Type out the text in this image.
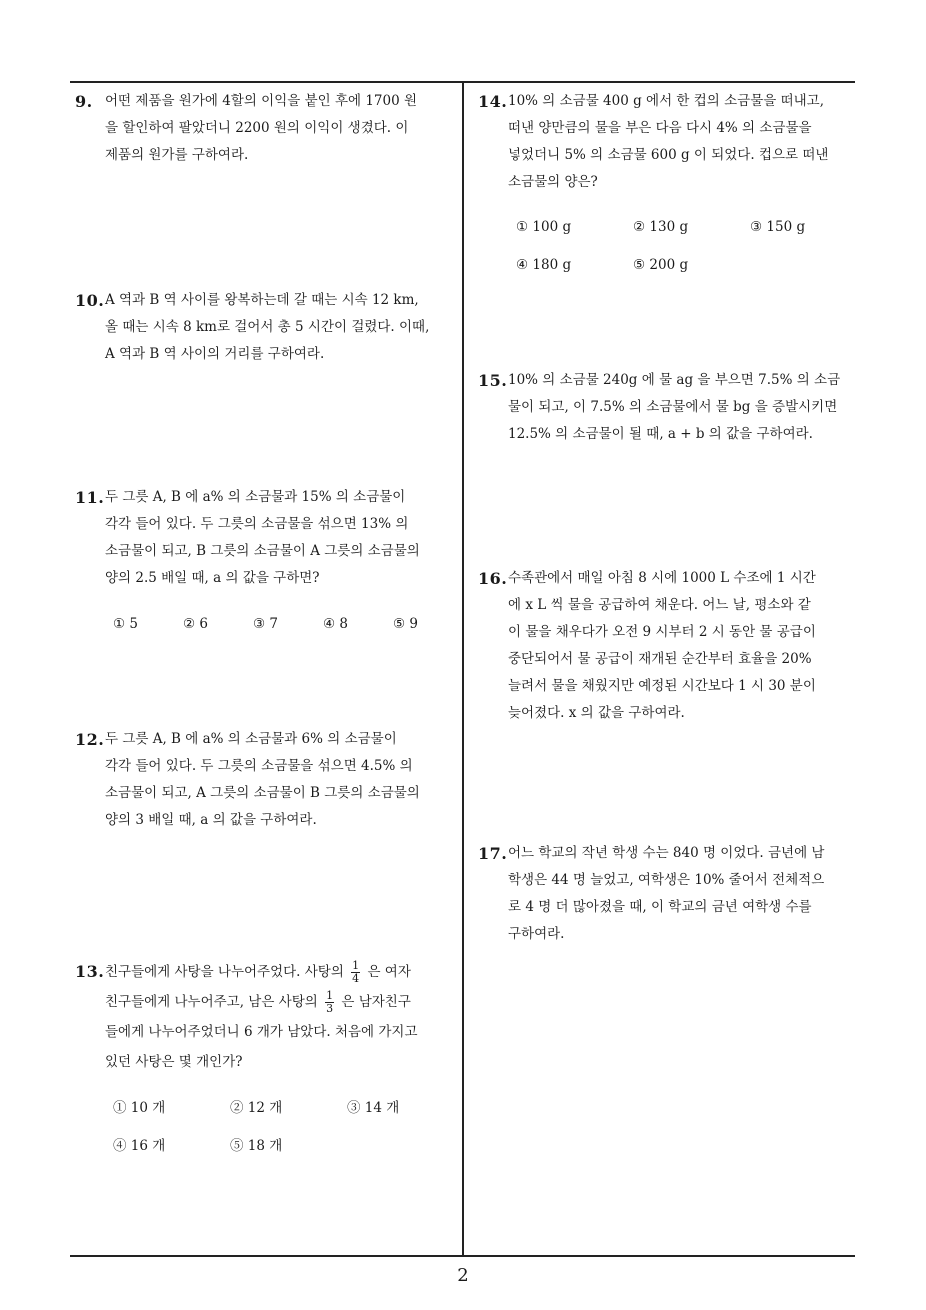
9. 어떤 제품을 원가에 4할의 이익을 붙인 후에 1700 원
을 할인하여 팔았더니 2200 원의 이익이 생겼다. 이
제품의 원가를 구하여라.
10. A 역과 B 역 사이를 왕복하는데 갈 때는 시속 12 km,
올 때는 시속 8 km로 걸어서 총 5 시간이 걸렸다. 이때,
A 역과 B 역 사이의 거리를 구하여라.
11. 두 그릇 A, B 에 a% 의 소금물과 15% 의 소금물이
각각 들어 있다. 두 그릇의 소금물을 섞으면 13% 의
소금물이 되고, B 그릇의 소금물이 A 그릇의 소금물의
양의 2.5 배일 때, a 의 값을 구하면?
① 5	② 6	③ 7	④ 8	⑤ 9
12. 두 그릇 A, B 에 a% 의 소금물과 6% 의 소금물이
각각 들어 있다. 두 그릇의 소금물을 섞으면 4.5% 의
소금물이 되고, A 그릇의 소금물이 B 그릇의 소금물의
양의 3 배일 때, a 의 값을 구하여라.
13. 친구들에게 사탕을 나누어주었다. 사탕의 $\frac{1}{4}$ 은 여자
친구들에게 나누어주고, 남은 사탕의 $\frac{1}{3}$ 은 남자친구
들에게 나누어주었더니 6 개가 남았다. 처음에 가지고
있던 사탕은 몇 개인가?
① 10 개	② 12 개	③ 14 개
④ 16 개	⑤ 18 개
14. 10% 의 소금물 400 g 에서 한 컵의 소금물을 떠내고,
떠낸 양만큼의 물을 부은 다음 다시 4% 의 소금물을
넣었더니 5% 의 소금물 600 g 이 되었다. 컵으로 떠낸
소금물의 양은?
① 100 g	② 130 g	③ 150 g
④ 180 g	⑤ 200 g
15. 10% 의 소금물 240g 에 물 ag 을 부으면 7.5% 의 소금
물이 되고, 이 7.5% 의 소금물에서 물 bg 을 증발시키면
12.5% 의 소금물이 될 때, a + b 의 값을 구하여라.
16. 수족관에서 매일 아침 8 시에 1000 L 수조에 1 시간
에 x L 씩 물을 공급하여 채운다. 어느 날, 평소와 같
이 물을 채우다가 오전 9 시부터 2 시 동안 물 공급이
중단되어서 물 공급이 재개된 순간부터 효율을 20%
늘려서 물을 채웠지만 예정된 시간보다 1 시 30 분이
늦어졌다. x 의 값을 구하여라.
17. 어느 학교의 작년 학생 수는 840 명 이었다. 금년에 남
학생은 44 명 늘었고, 여학생은 10% 줄어서 전체적으
로 4 명 더 많아졌을 때, 이 학교의 금년 여학생 수를
구하여라.
2
